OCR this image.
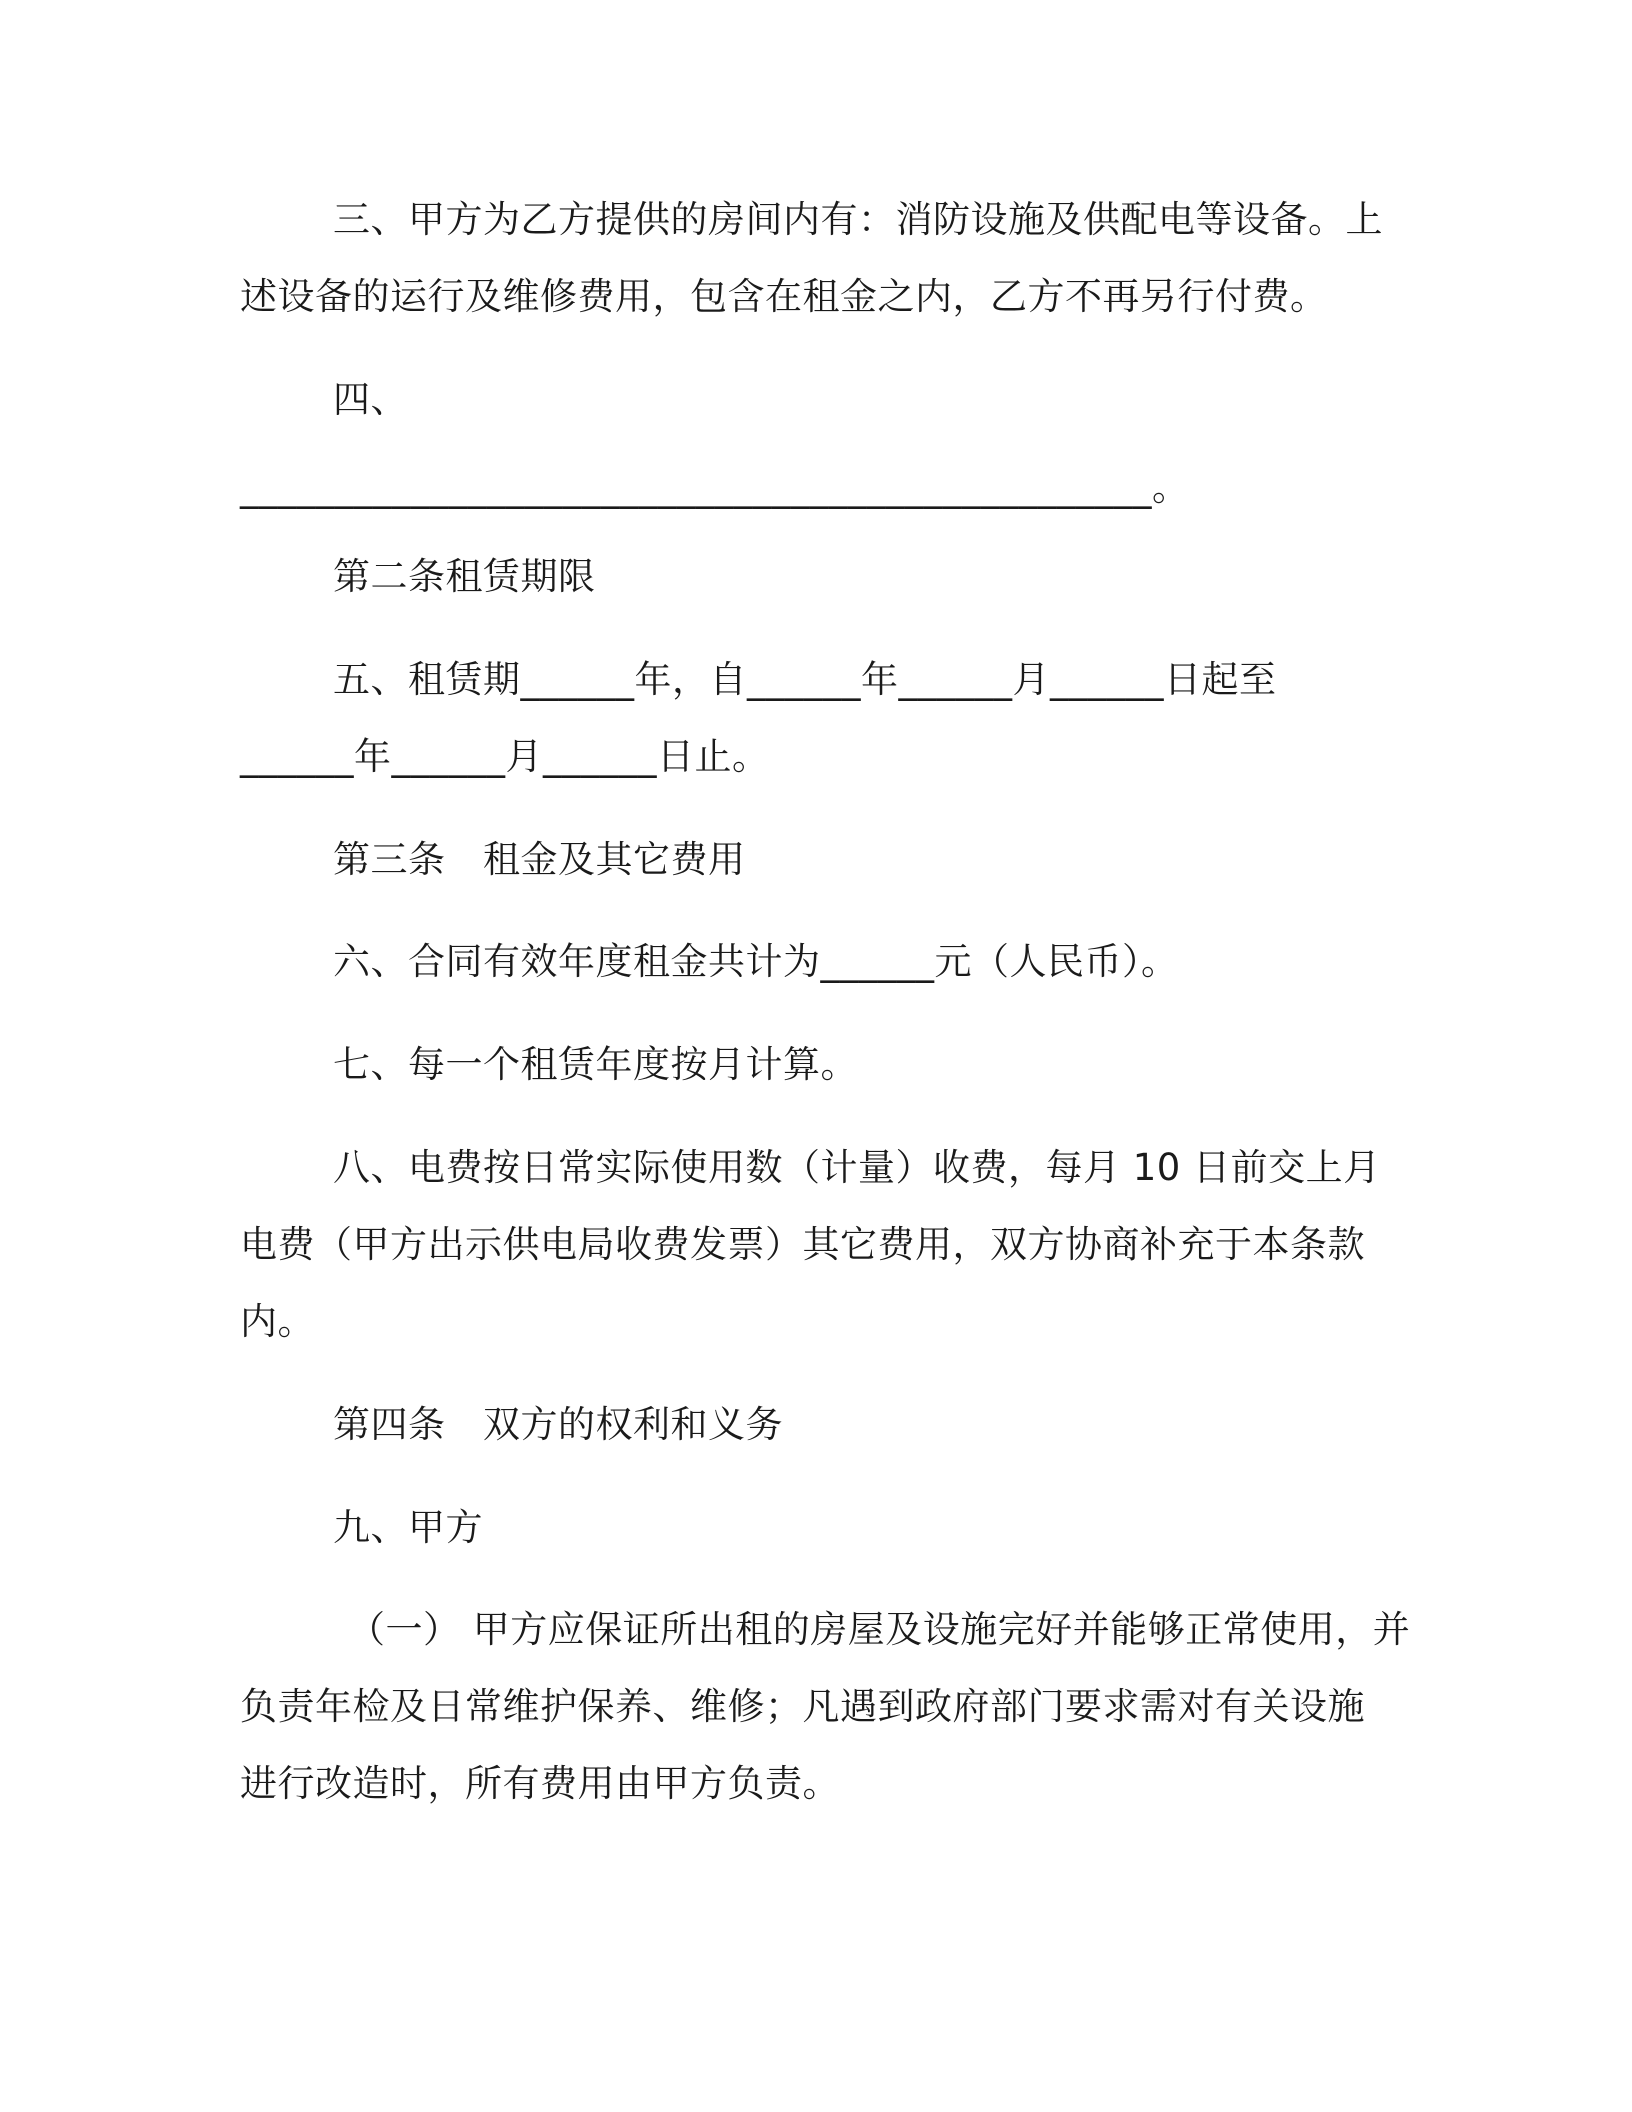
三、甲方为乙方提供的房间内有：消防设施及供配电等设备。上
述设备的运行及维修费用，包含在租金之内，乙方不再另行付费。
四、
________________________________________________。
第二条租赁期限
五、租赁期______年，自______年______月______日起至
______年______月______日止。
第三条　租金及其它费用
六、合同有效年度租金共计为______元（人民币）。
七、每一个租赁年度按月计算。
八、电费按日常实际使用数（计量）收费，每月 10 日前交上月
电费（甲方出示供电局收费发票）其它费用，双方协商补充于本条款
内。
第四条　双方的权利和义务
九、甲方
（一） 甲方应保证所出租的房屋及设施完好并能够正常使用，并
负责年检及日常维护保养、维修；凡遇到政府部门要求需对有关设施
进行改造时，所有费用由甲方负责。
